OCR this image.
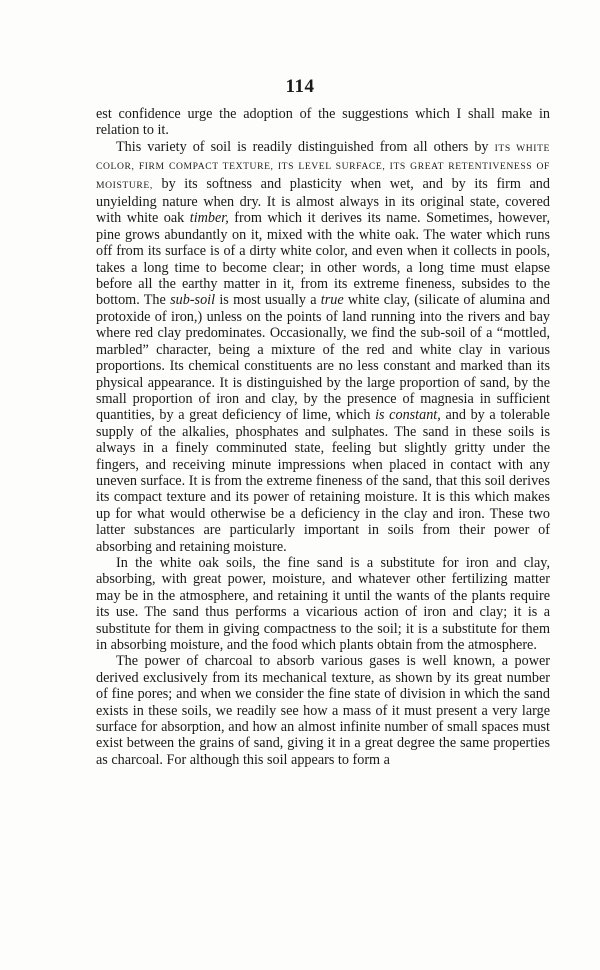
114

est confidence urge the adoption of the suggestions which I shall make in relation to it.

This variety of soil is readily distinguished from all others by ITS WHITE COLOR, FIRM COMPACT TEXTURE, ITS LEVEL SURFACE, ITS GREAT RETENTIVENESS OF MOISTURE, by its softness and plasticity when wet, and by its firm and unyielding nature when dry. It is almost always in its original state, covered with white oak timber, from which it derives its name. Sometimes, however, pine grows abundantly on it, mixed with the white oak. The water which runs off from its surface is of a dirty white color, and even when it collects in pools, takes a long time to become clear; in other words, a long time must elapse before all the earthy matter in it, from its extreme fineness, subsides to the bottom. The sub-soil is most usually a true white clay, (silicate of alumina and protoxide of iron,) unless on the points of land running into the rivers and bay where red clay predominates. Occasionally, we find the sub-soil of a “mottled, marbled” character, being a mixture of the red and white clay in various proportions. Its chemical constituents are no less constant and marked than its physical appearance. It is distinguished by the large proportion of sand, by the small proportion of iron and clay, by the presence of magnesia in sufficient quantities, by a great deficiency of lime, which is constant, and by a tolerable supply of the alkalies, phosphates and sulphates. The sand in these soils is always in a finely comminuted state, feeling but slightly gritty under the fingers, and receiving minute impressions when placed in contact with any uneven surface. It is from the extreme fineness of the sand, that this soil derives its compact texture and its power of retaining moisture. It is this which makes up for what would otherwise be a deficiency in the clay and iron. These two latter substances are particularly important in soils from their power of absorbing and retaining moisture.

In the white oak soils, the fine sand is a substitute for iron and clay, absorbing, with great power, moisture, and whatever other fertilizing matter may be in the atmosphere, and retaining it until the wants of the plants require its use. The sand thus performs a vicarious action of iron and clay; it is a substitute for them in giving compactness to the soil; it is a substitute for them in absorbing moisture, and the food which plants obtain from the atmosphere.

The power of charcoal to absorb various gases is well known, a power derived exclusively from its mechanical texture, as shown by its great number of fine pores; and when we consider the fine state of division in which the sand exists in these soils, we readily see how a mass of it must present a very large surface for absorption, and how an almost infinite number of small spaces must exist between the grains of sand, giving it in a great degree the same properties as charcoal. For although this soil appears to form a
